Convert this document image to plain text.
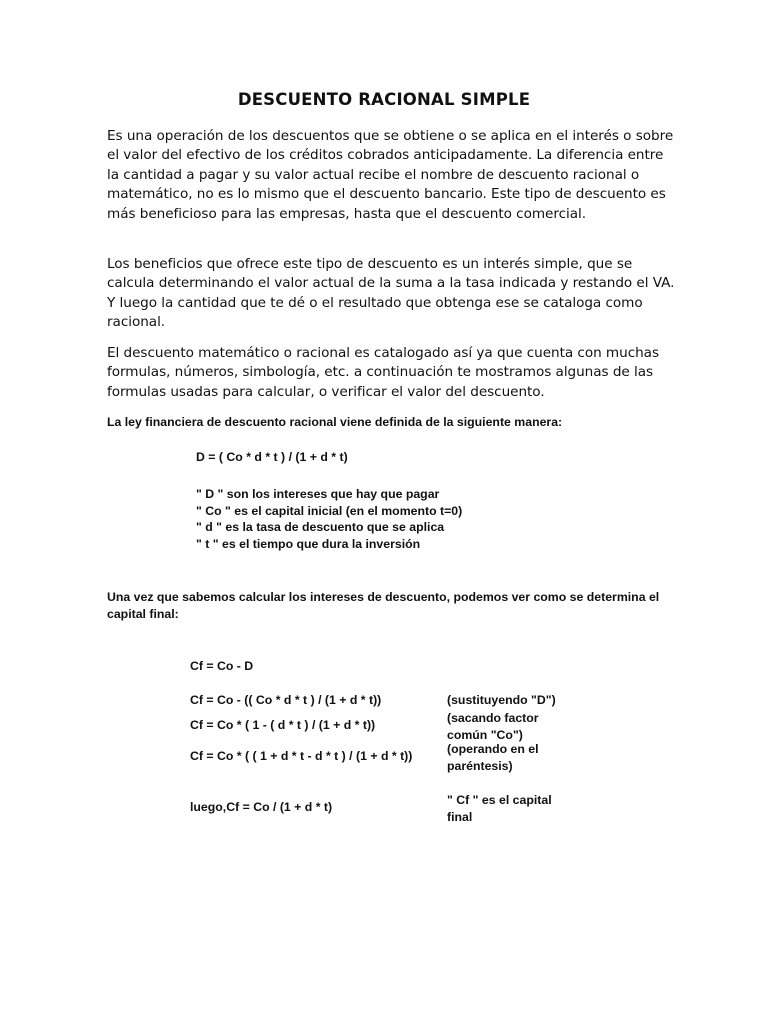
DESCUENTO RACIONAL SIMPLE

Es una operación de los descuentos que se obtiene o se aplica en el interés o sobre el valor del efectivo de los créditos cobrados anticipadamente. La diferencia entre la cantidad a pagar y su valor actual recibe el nombre de descuento racional o matemático, no es lo mismo que el descuento bancario. Este tipo de descuento es más beneficioso para las empresas, hasta que el descuento comercial.

Los beneficios que ofrece este tipo de descuento es un interés simple, que se calcula determinando el valor actual de la suma a la tasa indicada y restando el VA. Y luego la cantidad que te dé o el resultado que obtenga ese se cataloga como racional.

El descuento matemático o racional es catalogado así ya que cuenta con muchas formulas, números, simbología, etc. a continuación te mostramos algunas de las formulas usadas para calcular, o verificar el valor del descuento.

La ley financiera de descuento racional viene definida de la siguiente manera:

D = ( Co * d * t ) / (1 + d * t)
" D " son los intereses que hay que pagar
" Co " es el capital inicial (en el momento t=0)
" d " es la tasa de descuento que se aplica
" t " es el tiempo que dura la inversión

Una vez que sabemos calcular los intereses de descuento, podemos ver como se determina el capital final:

Cf = Co - D
Cf = Co - (( Co * d * t ) / (1 + d * t))
Cf = Co * ( 1 - ( d * t ) / (1 + d * t))
Cf = Co * ( ( 1 + d * t - d * t ) / (1 + d * t))
luego,Cf = Co / (1 + d * t)
(sustituyendo "D")
(sacando factor común "Co")
(operando en el paréntesis)
" Cf " es el capital final
